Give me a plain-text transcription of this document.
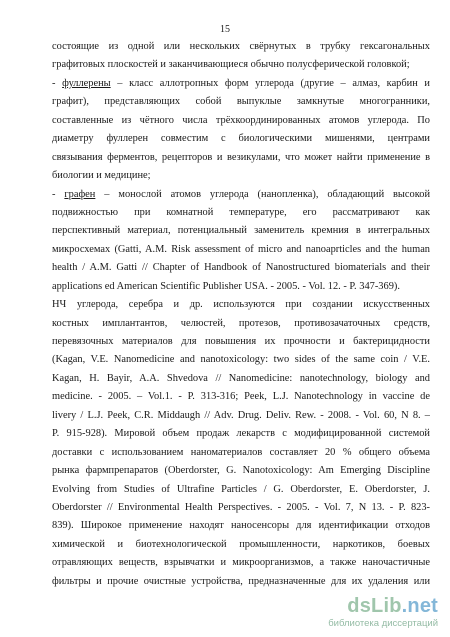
15
состоящие из одной или нескольких свёрнутых в трубку гексагональных
графитовых плоскостей и заканчивающиеся обычно полусферической головкой;
- фуллерены – класс аллотропных форм углерода (другие – алмаз, карбин и
графит), представляющих собой выпуклые замкнутые многогранники,
составленные из чётного числа трёхкоординированных атомов углерода. По
диаметру фуллерен совместим с биологическими мишенями, центрами
связывания ферментов, рецепторов и везикулами, что может найти применение в
биологии и медицине;
- графен – монослой атомов углерода (нанопленка), обладающий высокой
подвижностью при комнатной температуре, его рассматривают как
перспективный материал, потенциальный заменитель кремния в интегральных
микросхемах (Gatti, A.M. Risk assessment of micro and nanoaprticles and the human
health / A.M. Gatti // Chapter of Handbook of Nanostructured biomaterials and their
applications ed American Scientific Publisher USA. - 2005. - Vol. 12. - P. 347-369).
НЧ углерода, серебра и др. используются при создании искусственных
костных имплантантов, челюстей, протезов, противозачаточных средств,
перевязочных материалов для повышения их прочности и бактерицидности
(Kagan, V.E. Nanomedicine and nanotoxicology: two sides of the same coin / V.E.
Kagan, H. Bayir, A.A. Shvedova // Nanomedicine: nanotechnology, biology and
medicine. - 2005. – Vol.1. - P. 313-316; Peek, L.J. Nanotechnology in vaccine de
livery / L.J. Peek, C.R. Middaugh // Adv. Drug. Deliv. Rew. - 2008. - Vol. 60, N 8. –
P. 915-928). Мировой объем продаж лекарств с модифицированной системой
доставки с использованием наноматериалов составляет 20 % общего объема
рынка фармпрепаратов (Oberdorster, G. Nanotoxicology: Am Emerging Discipline
Evolving from Studies of Ultrafine Particles / G. Oberdorster, E. Oberdorster, J.
Oberdorster // Environmental Health Perspectives. - 2005. - Vol. 7, N 13. - P. 823-
839). Широкое применение находят наносенсоры для идентификации отходов
химической и биотехнологической промышленности, наркотиков, боевых
отравляющих веществ, взрывчатки и микроорганизмов, а также наночастичные
фильтры и прочие очистные устройства, предназначенные для их удаления или
dsLib.net
библиотека диссертаций
